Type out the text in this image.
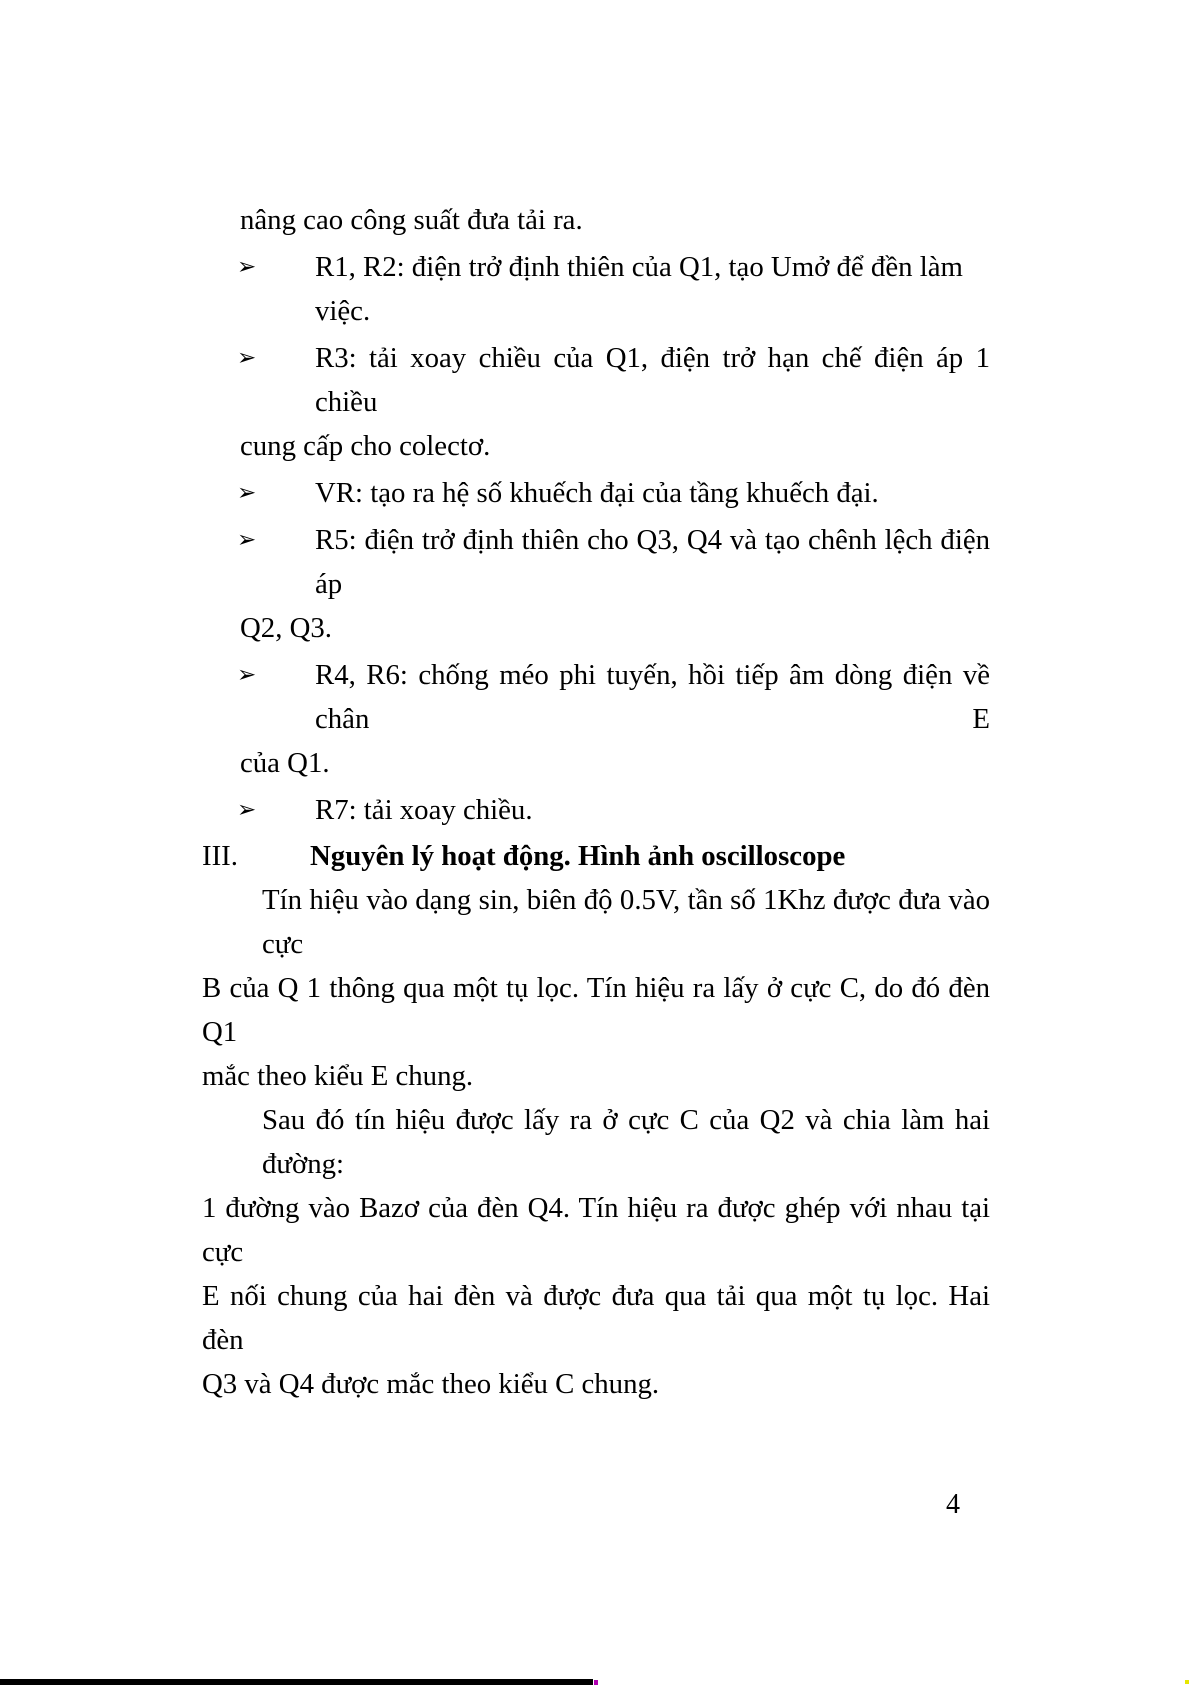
nâng cao công suất đưa tải ra.
➢	R1, R2: điện trở định thiên của Q1, tạo Umở để đền làm việc.
➢	R3: tải xoay chiều của Q1, điện trở hạn chế điện áp 1 chiều
cung cấp cho colectơ.
➢	VR: tạo ra hệ số khuếch đại của tầng khuếch đại.
➢	R5: điện trở định thiên cho Q3, Q4 và tạo chênh lệch điện áp
Q2, Q3.
➢	R4, R6: chống méo phi tuyến, hồi tiếp âm dòng điện về chân E
của Q1.
➢	R7: tải xoay chiều.
III.	Nguyên lý hoạt động. Hình ảnh oscilloscope
Tín hiệu vào dạng sin, biên độ 0.5V, tần số 1Khz được đưa vào cực
B của Q 1 thông qua một tụ lọc. Tín hiệu ra lấy ở cực C, do đó đèn Q1
mắc theo kiểu E chung.
Sau đó tín hiệu được lấy ra ở cực C của Q2 và chia làm hai đường:
1 đường vào Bazơ của đèn Q4. Tín hiệu ra được ghép với nhau tại cực
E nối chung của hai đèn và được đưa qua tải qua một tụ lọc. Hai đèn
Q3 và Q4 được mắc theo kiểu C chung.
4
